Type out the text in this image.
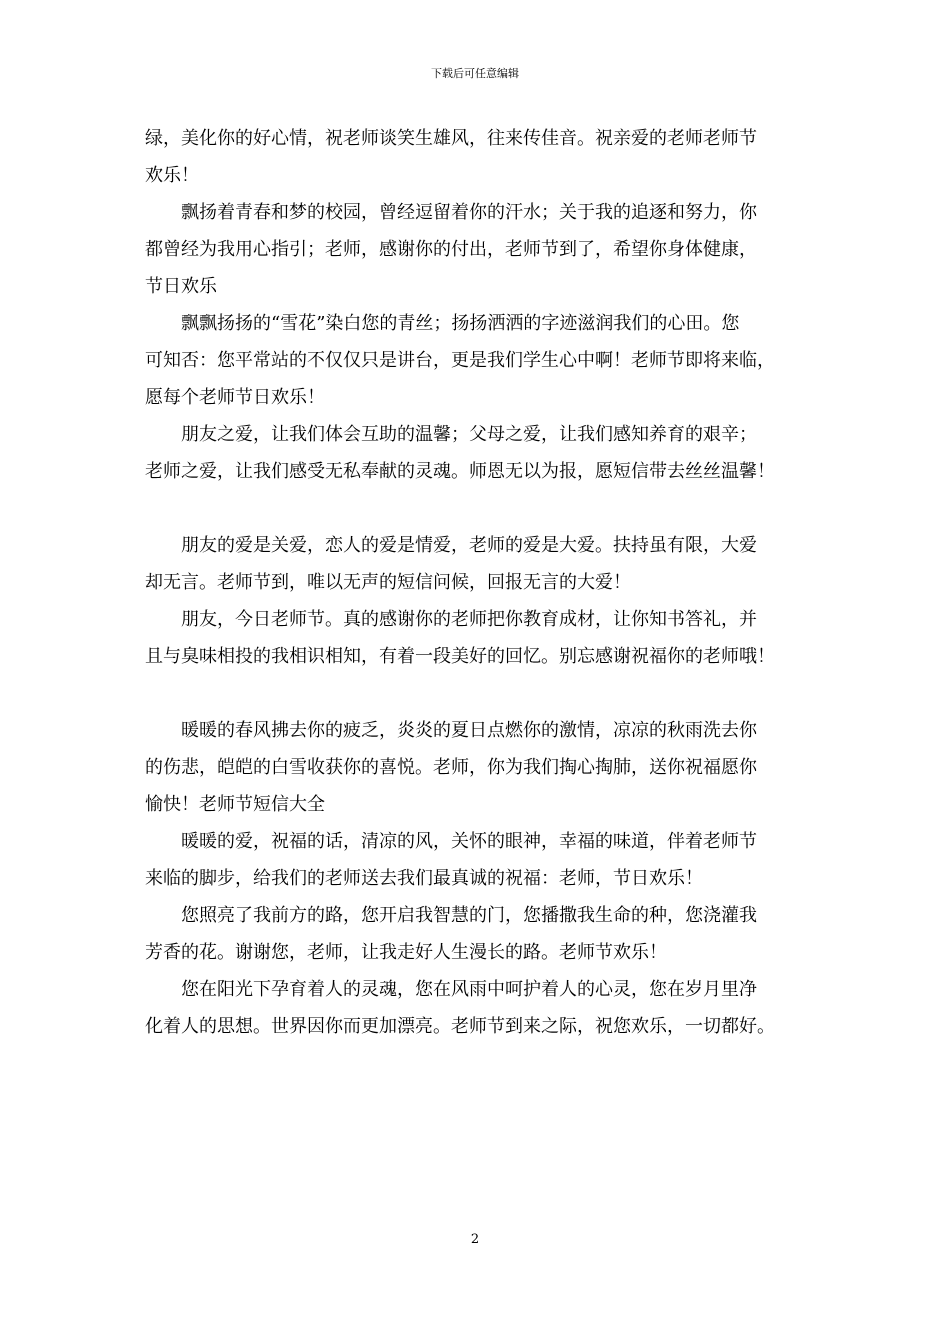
下载后可任意编辑

绿，美化你的好心情，祝老师谈笑生雄风，往来传佳音。祝亲爱的老师老师节
欢乐！

飘扬着青春和梦的校园，曾经逗留着你的汗水；关于我的追逐和努力，你
都曾经为我用心指引；老师，感谢你的付出，老师节到了，希望你身体健康，
节日欢乐

飘飘扬扬的“雪花”染白您的青丝；扬扬洒洒的字迹滋润我们的心田。您
可知否：您平常站的不仅仅只是讲台，更是我们学生心中啊！老师节即将来临，
愿每个老师节日欢乐！

朋友之爱，让我们体会互助的温馨；父母之爱，让我们感知养育的艰辛；
老师之爱，让我们感受无私奉献的灵魂。师恩无以为报，愿短信带去丝丝温馨！

朋友的爱是关爱，恋人的爱是情爱，老师的爱是大爱。扶持虽有限，大爱
却无言。老师节到，唯以无声的短信问候，回报无言的大爱！

朋友，今日老师节。真的感谢你的老师把你教育成材，让你知书答礼，并
且与臭味相投的我相识相知，有着一段美好的回忆。别忘感谢祝福你的老师哦！

暖暖的春风拂去你的疲乏，炎炎的夏日点燃你的激情，凉凉的秋雨洗去你
的伤悲，皑皑的白雪收获你的喜悦。老师，你为我们掏心掏肺，送你祝福愿你
愉快！老师节短信大全

暖暖的爱，祝福的话，清凉的风，关怀的眼神，幸福的味道，伴着老师节
来临的脚步，给我们的老师送去我们最真诚的祝福：老师，节日欢乐！

您照亮了我前方的路，您开启我智慧的门，您播撒我生命的种，您浇灌我
芳香的花。谢谢您，老师，让我走好人生漫长的路。老师节欢乐！

您在阳光下孕育着人的灵魂，您在风雨中呵护着人的心灵，您在岁月里净
化着人的思想。世界因你而更加漂亮。老师节到来之际，祝您欢乐，一切都好。

2
